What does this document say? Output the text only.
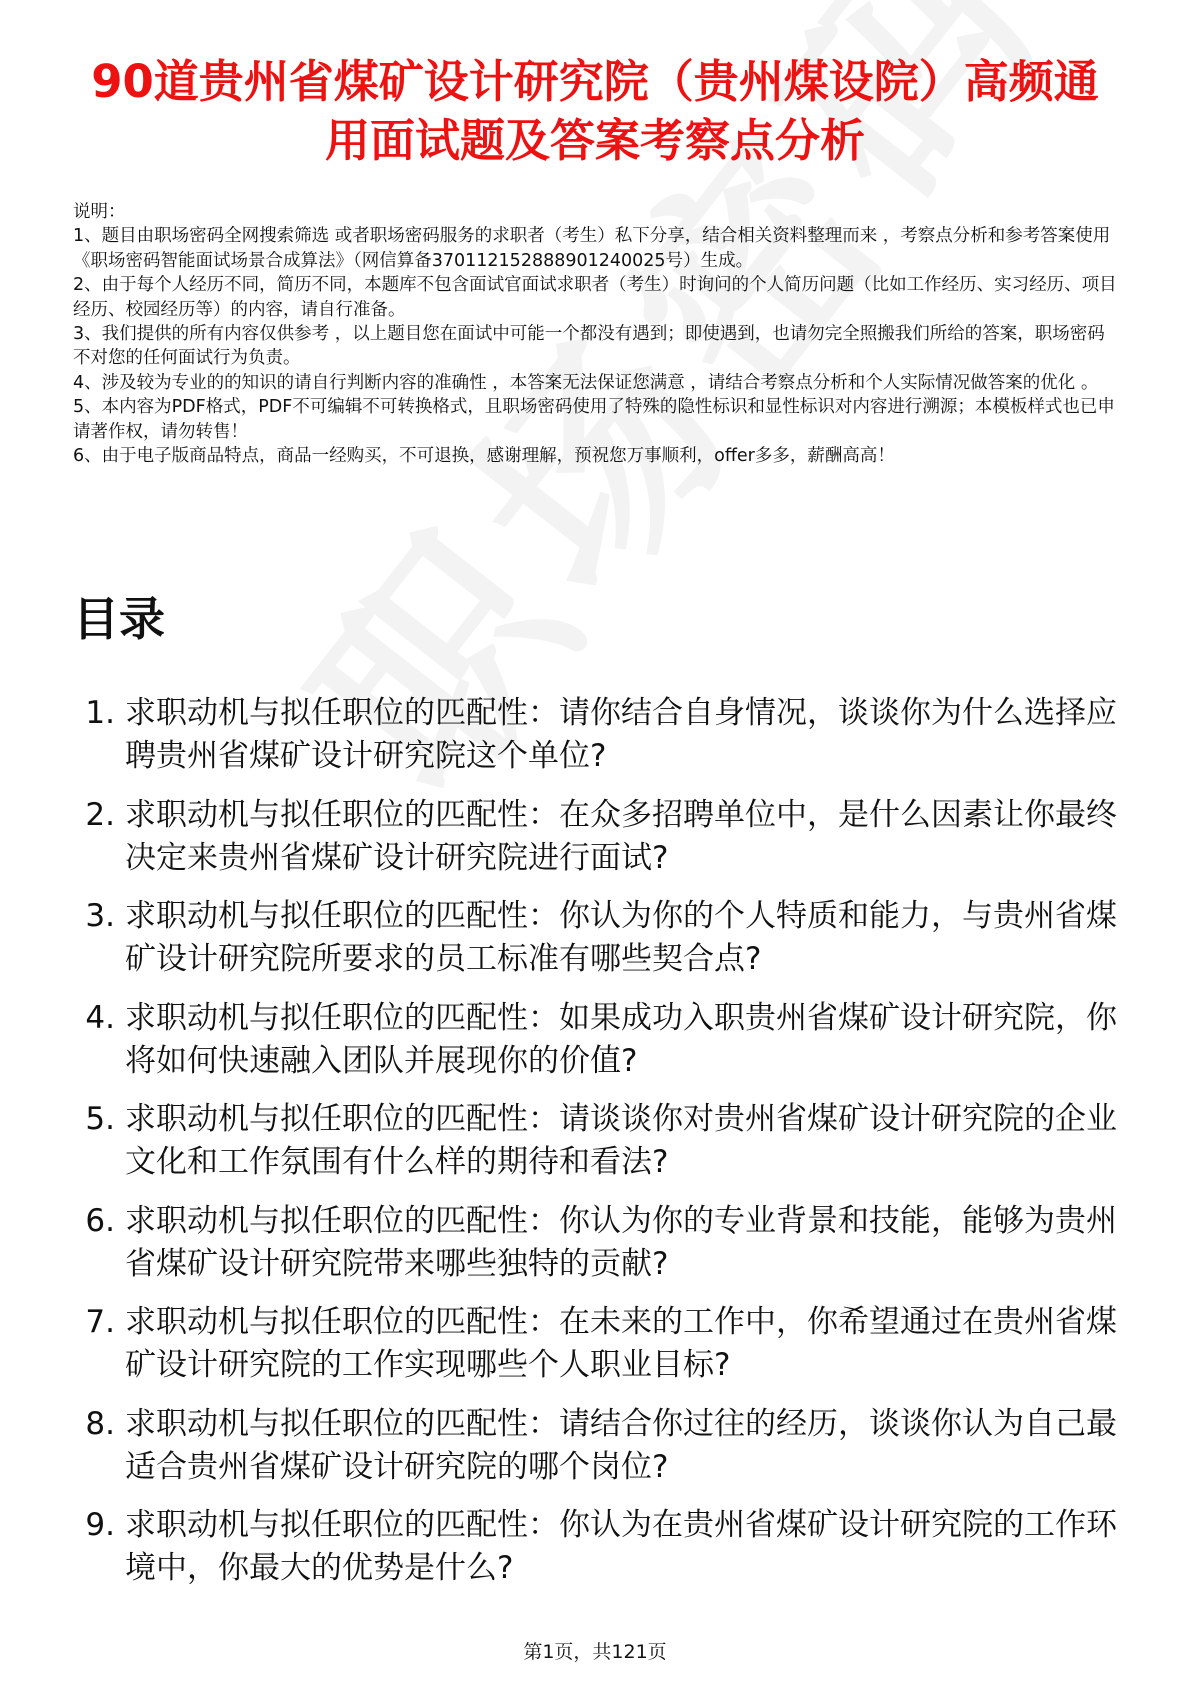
90道贵州省煤矿设计研究院（贵州煤设院）高频通用面试题及答案考察点分析

说明：

1、题目由职场密码全网搜索筛选 或者职场密码服务的求职者（考生）私下分享，结合相关资料整理而来 ，考察点分析和参考答案使用《职场密码智能面试场景合成算法》（网信算备370112152888901240025号）生成。

2、由于每个人经历不同，简历不同，本题库不包含面试官面试求职者（考生）时询问的个人简历问题（比如工作经历、实习经历、项目经历、校园经历等）的内容，请自行准备。

3、我们提供的所有内容仅供参考 ，以上题目您在面试中可能一个都没有遇到；即使遇到，也请勿完全照搬我们所给的答案，职场密码不对您的任何面试行为负责。

4、涉及较为专业的的知识的请自行判断内容的准确性 ，本答案无法保证您满意 ，请结合考察点分析和个人实际情况做答案的优化 。

5、本内容为PDF格式，PDF不可编辑不可转换格式，且职场密码使用了特殊的隐性标识和显性标识对内容进行溯源；本模板样式也已申请著作权，请勿转售！

6、由于电子版商品特点，商品一经购买，不可退换，感谢理解，预祝您万事顺利，offer多多，薪酬高高！

目录
1. 求职动机与拟任职位的匹配性：请你结合自身情况，谈谈你为什么选择应聘贵州省煤矿设计研究院这个单位?
2. 求职动机与拟任职位的匹配性：在众多招聘单位中，是什么因素让你最终决定来贵州省煤矿设计研究院进行面试?
3. 求职动机与拟任职位的匹配性：你认为你的个人特质和能力，与贵州省煤矿设计研究院所要求的员工标准有哪些契合点?
4. 求职动机与拟任职位的匹配性：如果成功入职贵州省煤矿设计研究院，你将如何快速融入团队并展现你的价值?
5. 求职动机与拟任职位的匹配性：请谈谈你对贵州省煤矿设计研究院的企业文化和工作氛围有什么样的期待和看法?
6. 求职动机与拟任职位的匹配性：你认为你的专业背景和技能，能够为贵州省煤矿设计研究院带来哪些独特的贡献?
7. 求职动机与拟任职位的匹配性：在未来的工作中，你希望通过在贵州省煤矿设计研究院的工作实现哪些个人职业目标?
8. 求职动机与拟任职位的匹配性：请结合你过往的经历，谈谈你认为自己最适合贵州省煤矿设计研究院的哪个岗位?
9. 求职动机与拟任职位的匹配性：你认为在贵州省煤矿设计研究院的工作环境中，你最大的优势是什么?
第1页，共121页
